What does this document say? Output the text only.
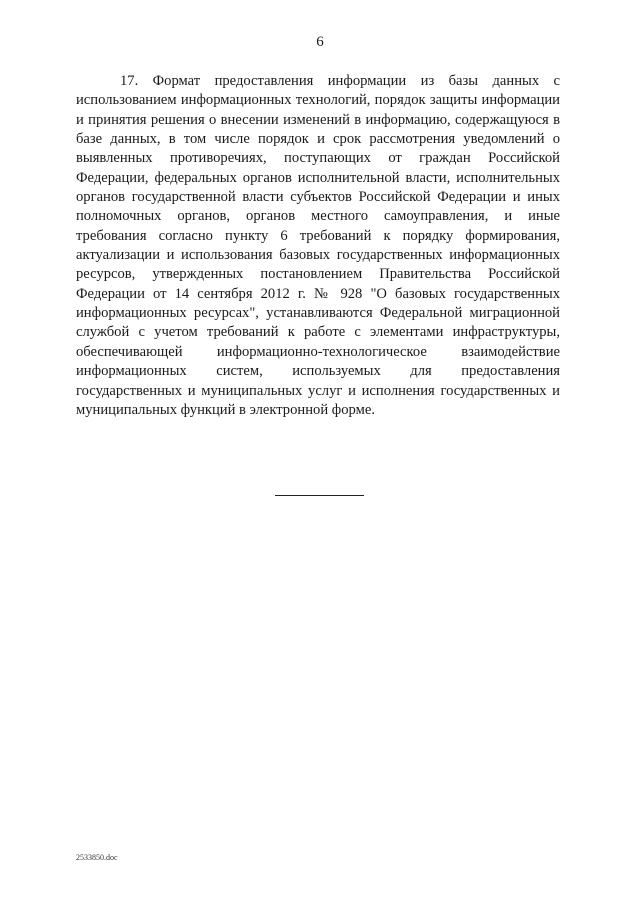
6

17. Формат предоставления информации из базы данных с использованием информационных технологий, порядок защиты информации и принятия решения о внесении изменений в информацию, содержащуюся в базе данных, в том числе порядок и срок рассмотрения уведомлений о выявленных противоречиях, поступающих от граждан Российской Федерации, федеральных органов исполнительной власти, исполнительных органов государственной власти субъектов Российской Федерации и иных полномочных органов, органов местного самоуправления, и иные требования согласно пункту 6 требований к порядку формирования, актуализации и использования базовых государственных информационных ресурсов, утвержденных постановлением Правительства Российской Федерации от 14 сентября 2012 г. № 928 "О базовых государственных информационных ресурсах", устанавливаются Федеральной миграционной службой с учетом требований к работе с элементами инфраструктуры, обеспечивающей информационно-технологическое взаимодействие информационных систем, используемых для предоставления государственных и муниципальных услуг и исполнения государственных и муниципальных функций в электронной форме.

2533850.doc
